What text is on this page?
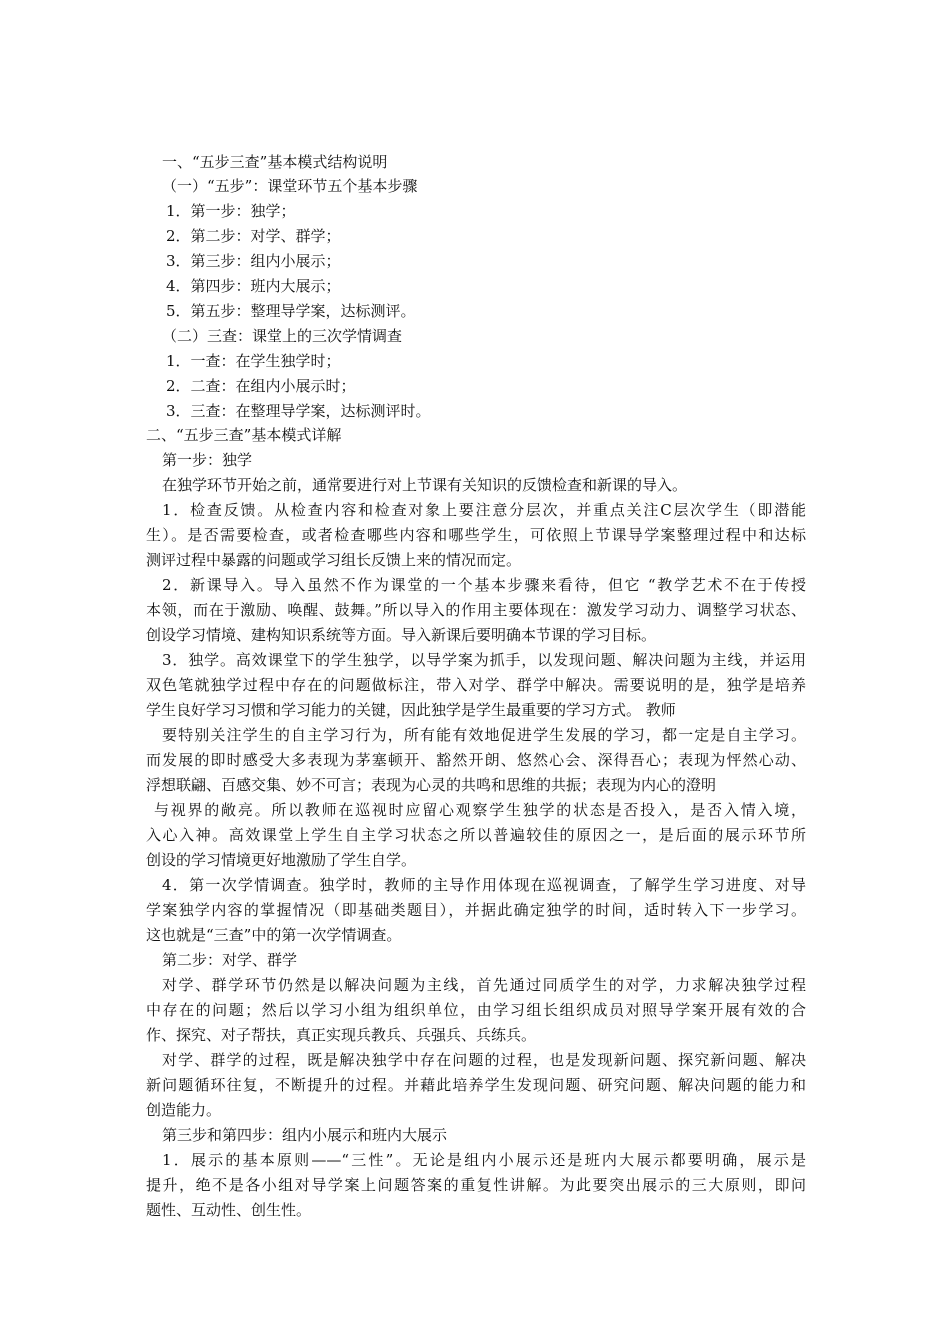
一、“五步三查”基本模式结构说明
（一）“五步”：课堂环节五个基本步骤
1．第一步：独学；
2．第二步：对学、群学；
3．第三步：组内小展示；
4．第四步：班内大展示；
5．第五步：整理导学案，达标测评。
（二）三查：课堂上的三次学情调查
1．一查：在学生独学时；
2．二查：在组内小展示时；
3．三查：在整理导学案，达标测评时。
二、“五步三查”基本模式详解
第一步：独学
在独学环节开始之前，通常要进行对上节课有关知识的反馈检查和新课的导入。
1．检查反馈。从检查内容和检查对象上要注意分层次，并重点关注C层次学生（即潜能
生）。是否需要检查，或者检查哪些内容和哪些学生，可依照上节课导学案整理过程中和达标
测评过程中暴露的问题或学习组长反馈上来的情况而定。
2．新课导入。导入虽然不作为课堂的一个基本步骤来看待，但它 “教学艺术不在于传授
本领，而在于激励、唤醒、鼓舞。”所以导入的作用主要体现在：激发学习动力、调整学习状态、
创设学习情境、建构知识系统等方面。导入新课后要明确本节课的学习目标。
3．独学。高效课堂下的学生独学，以导学案为抓手，以发现问题、解决问题为主线，并运用
双色笔就独学过程中存在的问题做标注，带入对学、群学中解决。需要说明的是，独学是培养
学生良好学习习惯和学习能力的关键，因此独学是学生最重要的学习方式。 教师
要特别关注学生的自主学习行为，所有能有效地促进学生发展的学习，都一定是自主学习。
而发展的即时感受大多表现为茅塞顿开、豁然开朗、悠然心会、深得吾心；表现为怦然心动、
浮想联翩、百感交集、妙不可言；表现为心灵的共鸣和思维的共振；表现为内心的澄明
与视界的敞亮。所以教师在巡视时应留心观察学生独学的状态是否投入，是否入情入境，
入心入神。高效课堂上学生自主学习状态之所以普遍较佳的原因之一，是后面的展示环节所
创设的学习情境更好地激励了学生自学。
4．第一次学情调查。独学时，教师的主导作用体现在巡视调查，了解学生学习进度、对导
学案独学内容的掌握情况（即基础类题目），并据此确定独学的时间，适时转入下一步学习。
这也就是“三查”中的第一次学情调查。
第二步：对学、群学
对学、群学环节仍然是以解决问题为主线，首先通过同质学生的对学，力求解决独学过程
中存在的问题；然后以学习小组为组织单位，由学习组长组织成员对照导学案开展有效的合
作、探究、对子帮扶，真正实现兵教兵、兵强兵、兵练兵。
对学、群学的过程，既是解决独学中存在问题的过程，也是发现新问题、探究新问题、解决
新问题循环往复，不断提升的过程。并藉此培养学生发现问题、研究问题、解决问题的能力和
创造能力。
第三步和第四步：组内小展示和班内大展示
1．展示的基本原则——“三性”。无论是组内小展示还是班内大展示都要明确，展示是
提升，绝不是各小组对导学案上问题答案的重复性讲解。为此要突出展示的三大原则，即问
题性、互动性、创生性。
